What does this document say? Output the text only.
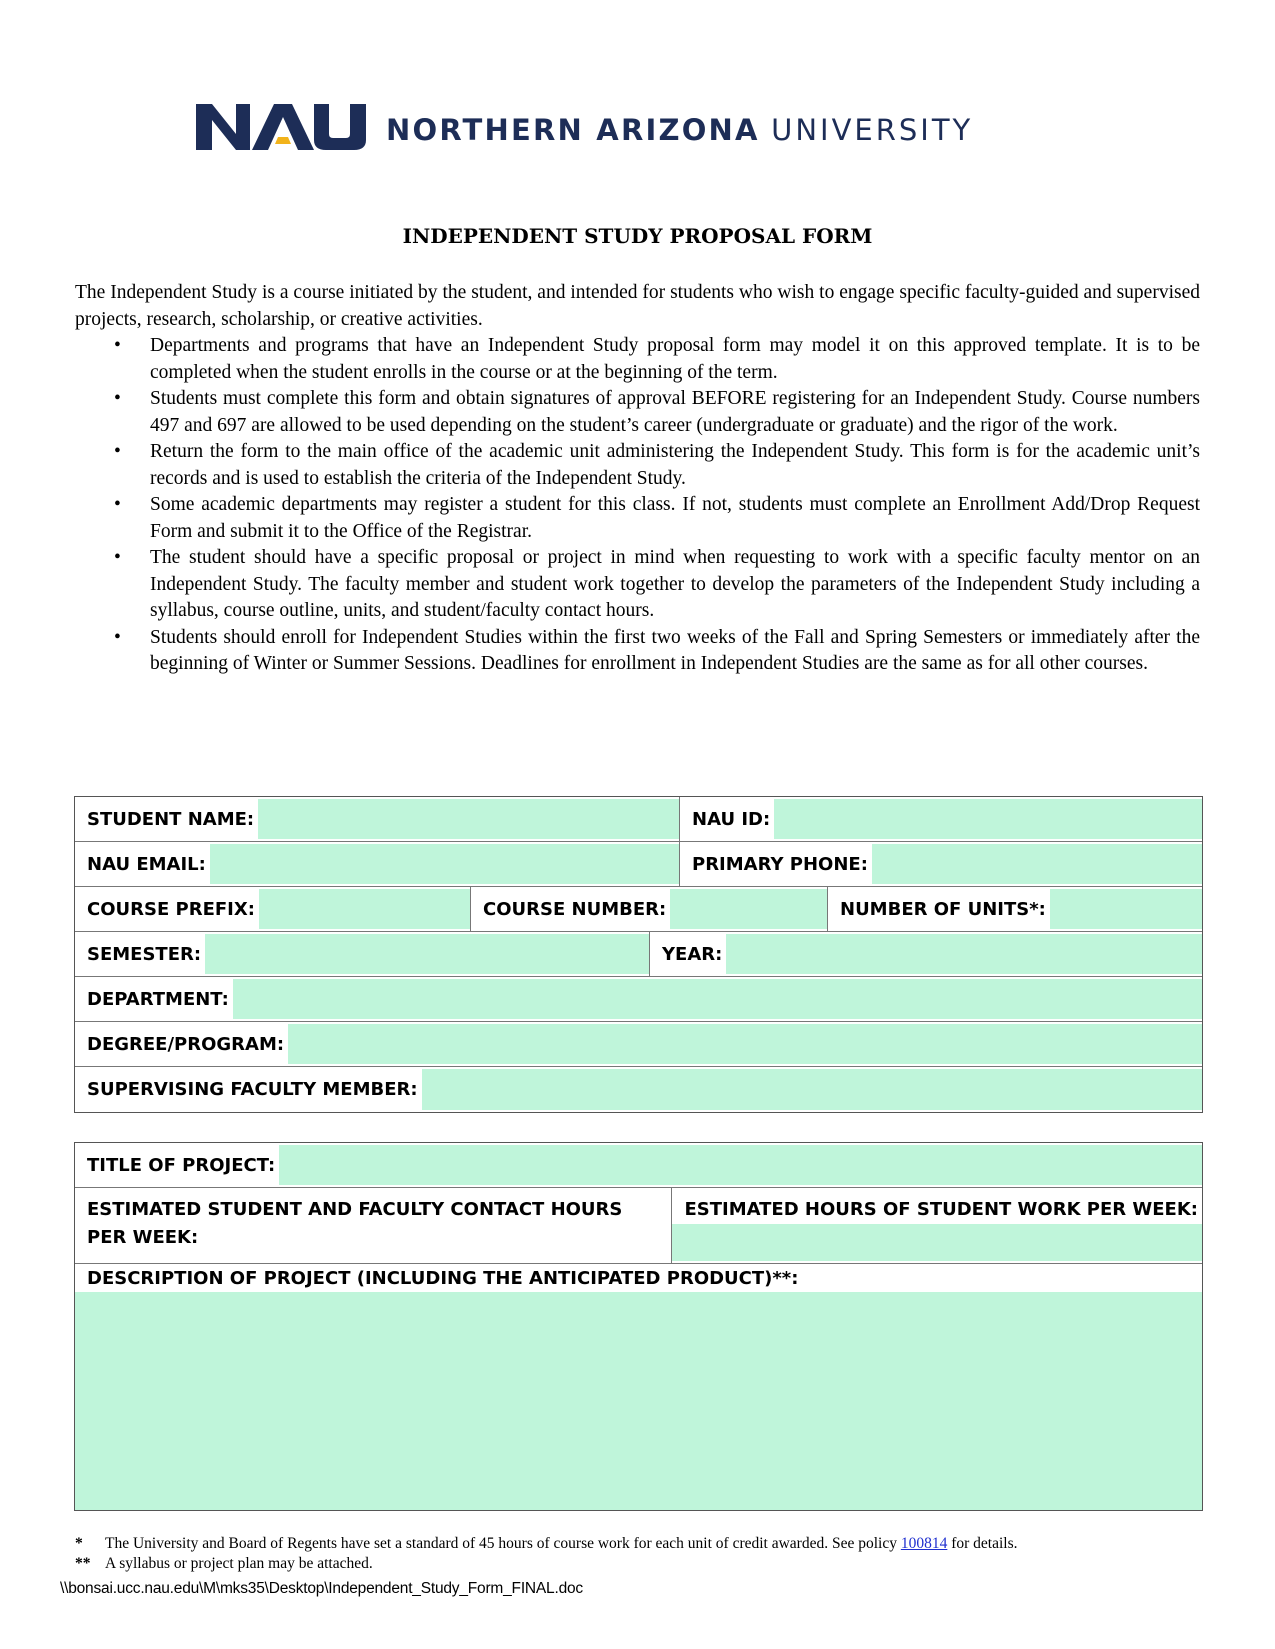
NORTHERN ARIZONA UNIVERSITY
INDEPENDENT STUDY PROPOSAL FORM

The Independent Study is a course initiated by the student, and intended for students who wish to engage specific faculty-guided and supervised projects, research, scholarship, or creative activities.

• Departments and programs that have an Independent Study proposal form may model it on this approved template. It is to be completed when the student enrolls in the course or at the beginning of the term.
• Students must complete this form and obtain signatures of approval BEFORE registering for an Independent Study. Course numbers 497 and 697 are allowed to be used depending on the student’s career (undergraduate or graduate) and the rigor of the work.
• Return the form to the main office of the academic unit administering the Independent Study. This form is for the academic unit’s records and is used to establish the criteria of the Independent Study.
• Some academic departments may register a student for this class. If not, students must complete an Enrollment Add/Drop Request Form and submit it to the Office of the Registrar.
• The student should have a specific proposal or project in mind when requesting to work with a specific faculty mentor on an Independent Study. The faculty member and student work together to develop the parameters of the Independent Study including a syllabus, course outline, units, and student/faculty contact hours.
• Students should enroll for Independent Studies within the first two weeks of the Fall and Spring Semesters or immediately after the beginning of Winter or Summer Sessions. Deadlines for enrollment in Independent Studies are the same as for all other courses.
STUDENT NAME:	NAU ID:
NAU EMAIL:	PRIMARY PHONE:
COURSE PREFIX:	COURSE NUMBER:	NUMBER OF UNITS*:
SEMESTER:	YEAR:
DEPARTMENT:
DEGREE/PROGRAM:
SUPERVISING FACULTY MEMBER:
TITLE OF PROJECT:
ESTIMATED STUDENT AND FACULTY CONTACT HOURS PER WEEK:
ESTIMATED HOURS OF STUDENT WORK PER WEEK:
DESCRIPTION OF PROJECT (INCLUDING THE ANTICIPATED PRODUCT)**:
* The University and Board of Regents have set a standard of 45 hours of course work for each unit of credit awarded. See policy 100814 for details.
** A syllabus or project plan may be attached.
\\bonsai.ucc.nau.edu\M\mks35\Desktop\Independent_Study_Form_FINAL.doc
